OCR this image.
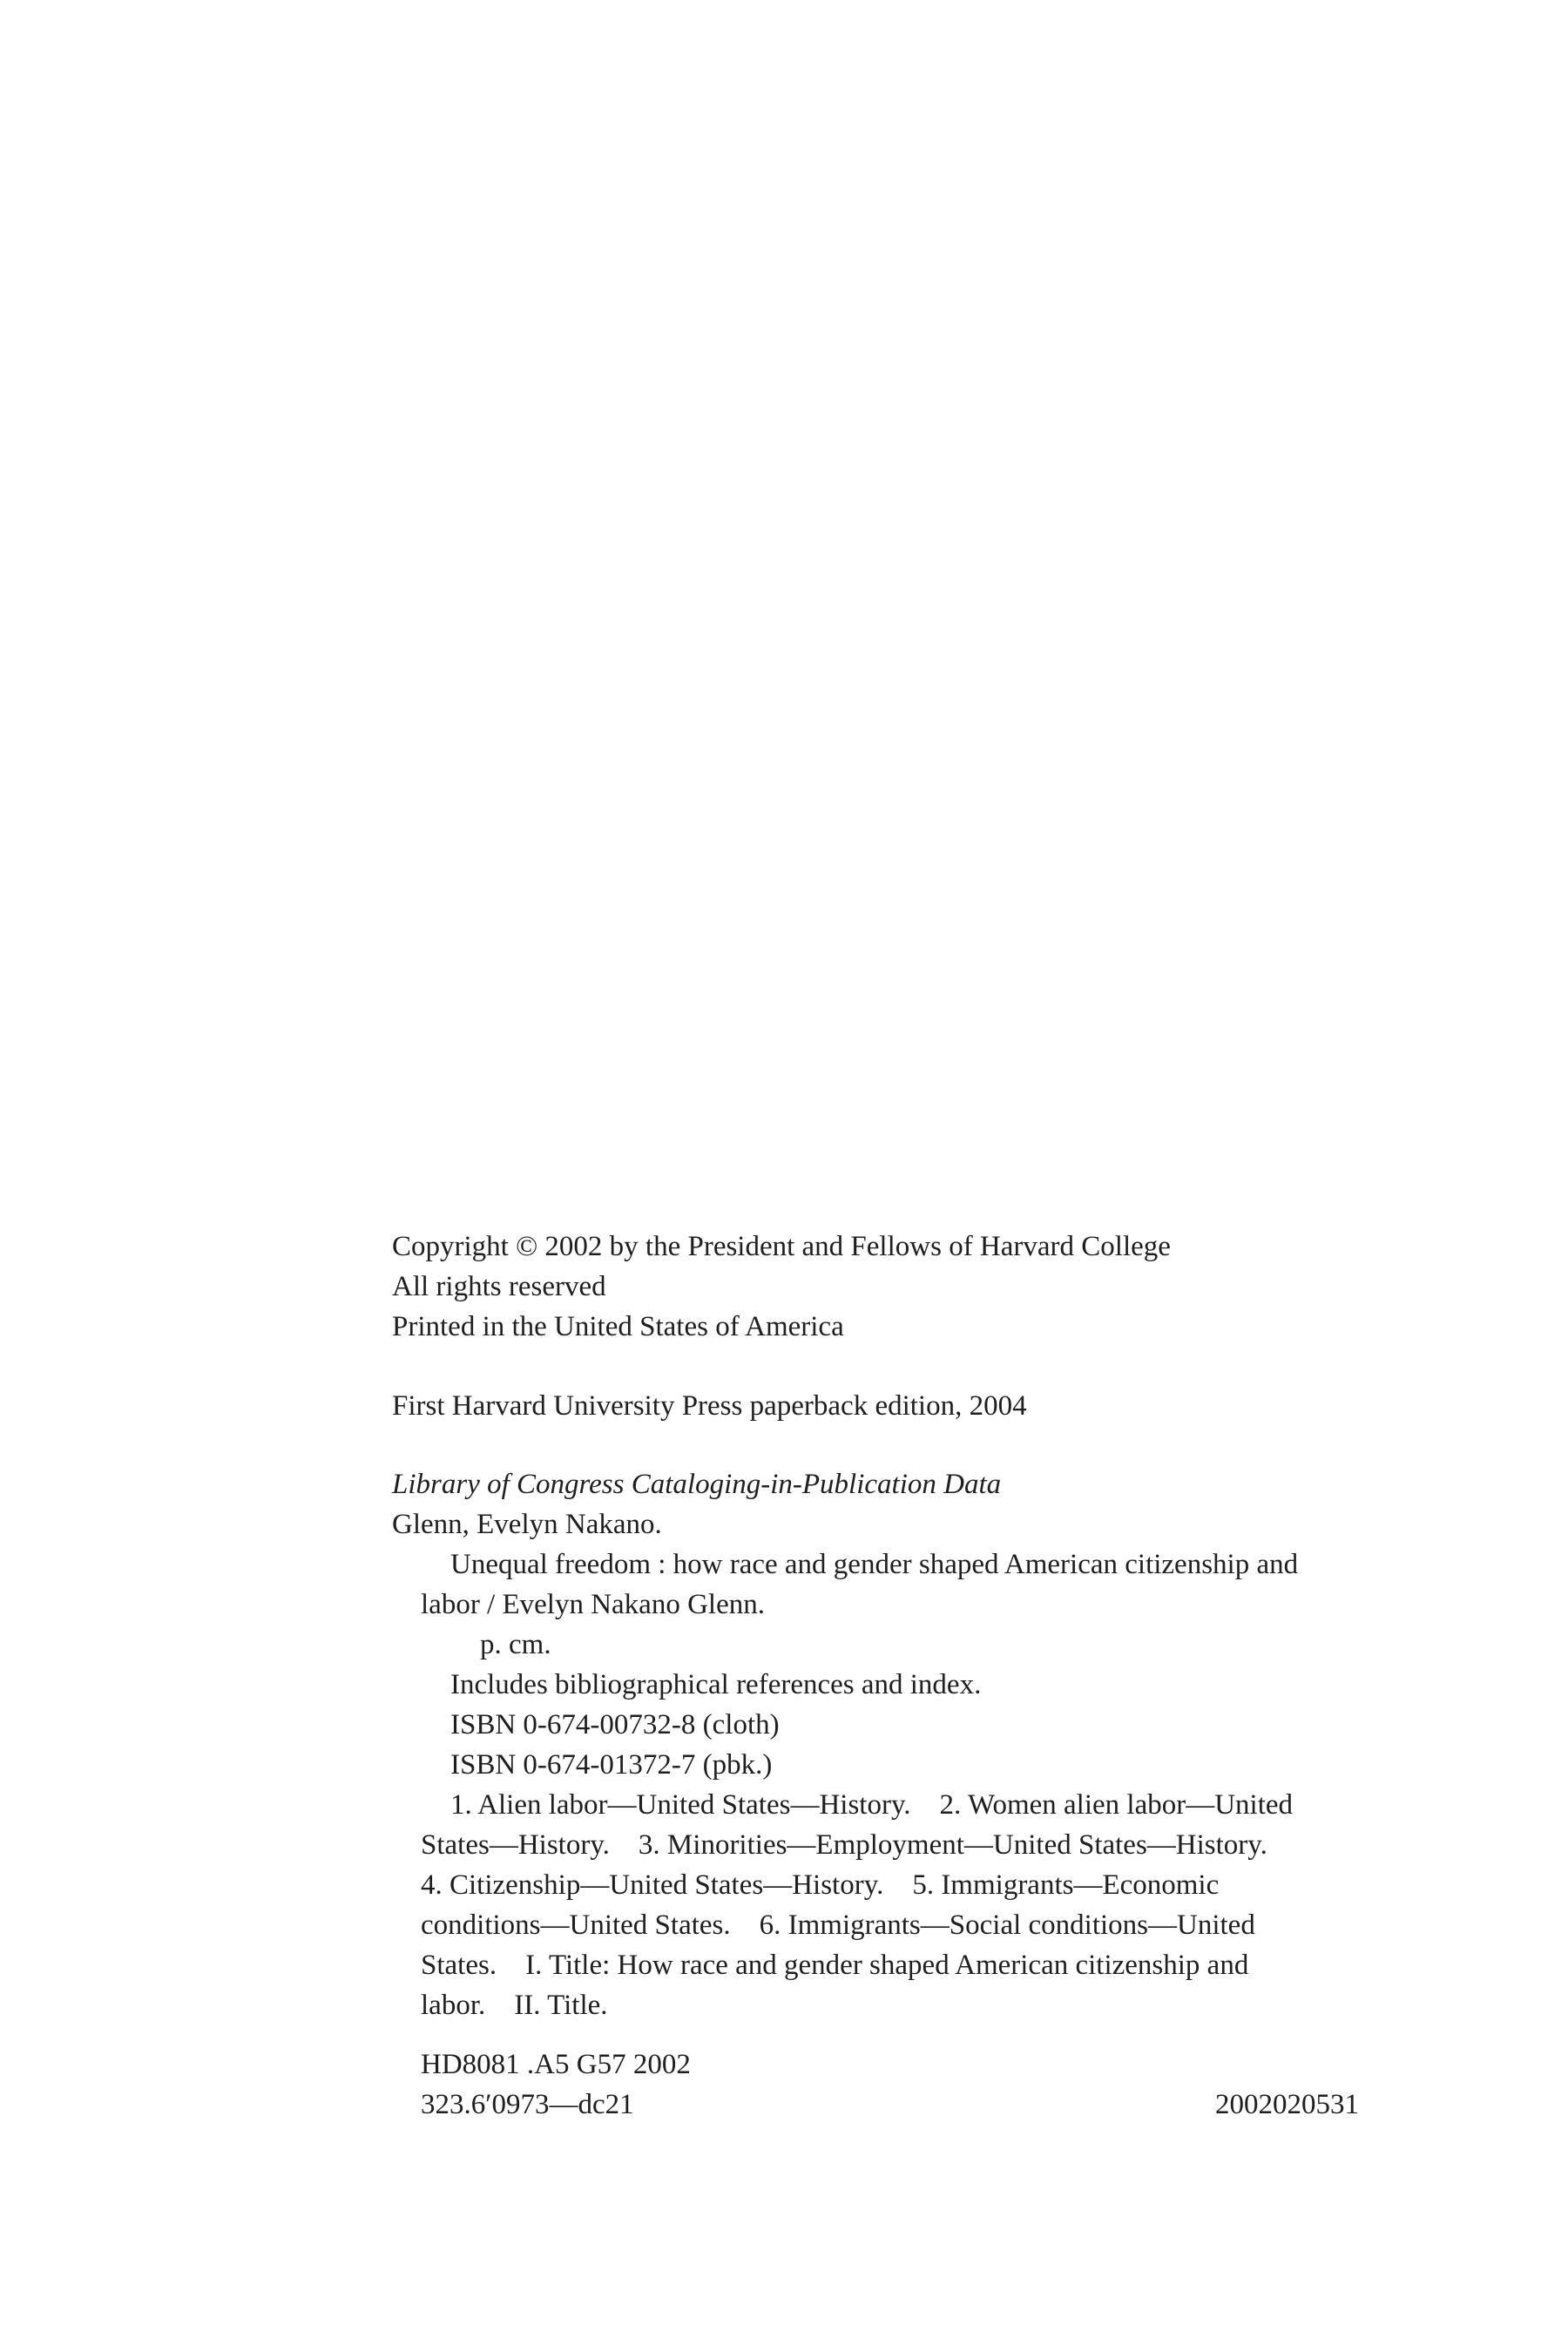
Copyright © 2002 by the President and Fellows of Harvard College
All rights reserved
Printed in the United States of America
First Harvard University Press paperback edition, 2004
Library of Congress Cataloging-in-Publication Data
Glenn, Evelyn Nakano.
Unequal freedom : how race and gender shaped American citizenship and
labor / Evelyn Nakano Glenn.
p. cm.
Includes bibliographical references and index.
ISBN 0-674-00732-8 (cloth)
ISBN 0-674-01372-7 (pbk.)
1. Alien labor—United States—History.    2. Women alien labor—United
States—History.    3. Minorities—Employment—United States—History.
4. Citizenship—United States—History.    5. Immigrants—Economic
conditions—United States.    6. Immigrants—Social conditions—United
States.    I. Title: How race and gender shaped American citizenship and
labor.    II. Title.
HD8081 .A5 G57 2002
323.6′0973—dc21	2002020531
